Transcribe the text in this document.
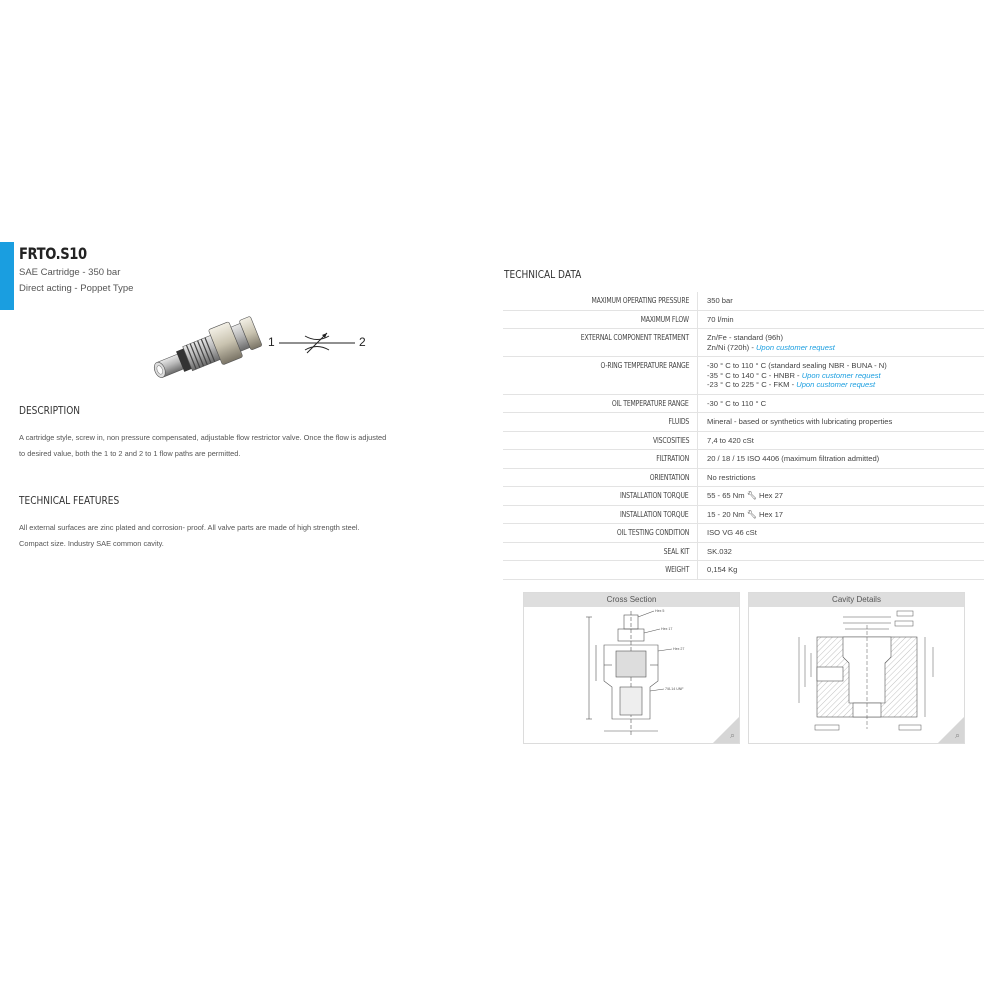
FRTO.S10
SAE Cartridge - 350 bar
Direct acting - Poppet Type
1	2
DESCRIPTION

A cartridge style, screw in, non pressure compensated, adjustable flow restrictor valve. Once the flow is adjusted to desired value, both the 1 to 2 and 2 to 1 flow paths are permitted.

TECHNICAL FEATURES

All external surfaces are zinc plated and corrosion- proof. All valve parts are made of high strength steel. Compact size. Industry SAE common cavity.

TECHNICAL DATA
MAXIMUM OPERATING PRESSURE	350 bar
MAXIMUM FLOW	70 l/min
EXTERNAL COMPONENT TREATMENT	Zn/Fe - standard (96h)
Zn/Ni (720h) - Upon customer request

O-RING TEMPERATURE RANGE	-30 ° C to 110 ° C (standard sealing NBR - BUNA - N)
-35 ° C to 140 ° C - HNBR - Upon customer request
-23 ° C to 225 ° C - FKM - Upon customer request

OIL TEMPERATURE RANGE	-30 ° C to 110 ° C
FLUIDS	Mineral - based or synthetics with lubricating properties
VISCOSITIES	7,4 to 420 cSt
FILTRATION	20 / 18 / 15 ISO 4406 (maximum filtration admitted)
ORIENTATION	No restrictions
INSTALLATION TORQUE	55 - 65 Nm 🔧︎ Hex 27
INSTALLATION TORQUE	15 - 20 Nm 🔧︎ Hex 17
OIL TESTING CONDITION	ISO VG 46 cSt
SEAL KIT	SK.032
WEIGHT	0,154 Kg
Cross Section
Hex 5
Hex 17
Hex 27
7/8-14 UNF
⌕
Cavity Details
⌕
